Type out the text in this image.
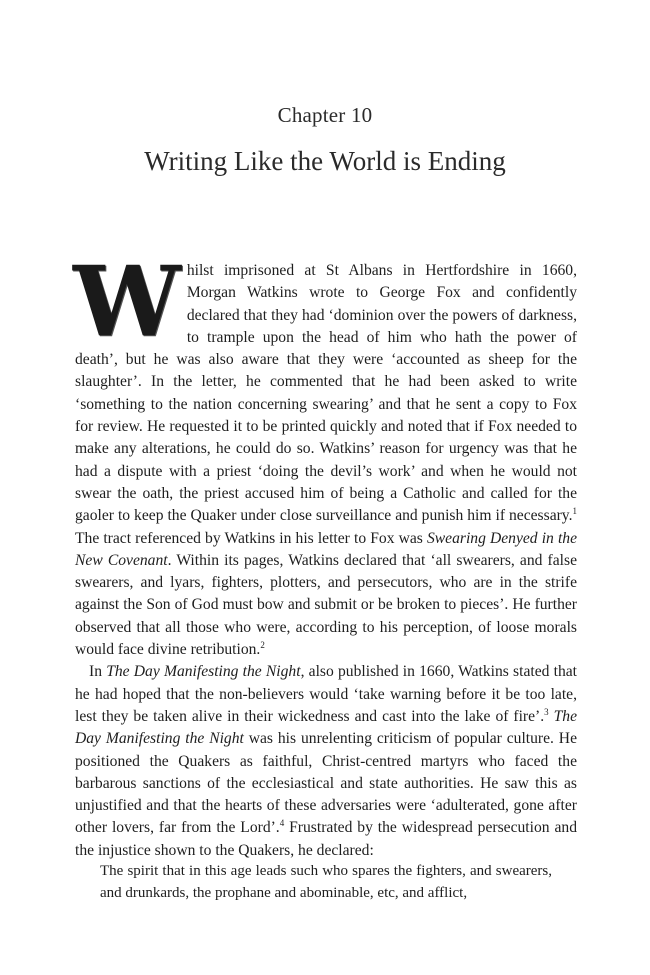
Chapter 10
Writing Like the World is Ending

Whilst imprisoned at St Albans in Hertfordshire in 1660, Morgan Watkins wrote to George Fox and confidently declared that they had ‘dominion over the powers of darkness, to trample upon the head of him who hath the power of death’, but he was also aware that they were ‘accounted as sheep for the slaughter’. In the letter, he commented that he had been asked to write ‘something to the nation concerning swearing’ and that he sent a copy to Fox for review. He requested it to be printed quickly and noted that if Fox needed to make any alterations, he could do so. Watkins’ reason for urgency was that he had a dispute with a priest ‘doing the devil’s work’ and when he would not swear the oath, the priest accused him of being a Catholic and called for the gaoler to keep the Quaker under close surveillance and punish him if necessary.$^1$ The tract referenced by Watkins in his letter to Fox was Swearing Denyed in the New Covenant. Within its pages, Watkins declared that ‘all swearers, and false swearers, and lyars, fighters, plotters, and persecutors, who are in the strife against the Son of God must bow and submit or be broken to pieces’. He further observed that all those who were, according to his perception, of loose morals would face divine retribution.$^2$

In The Day Manifesting the Night, also published in 1660, Watkins stated that he had hoped that the non-believers would ‘take warning before it be too late, lest they be taken alive in their wickedness and cast into the lake of fire’.$^3$ The Day Manifesting the Night was his unrelenting criticism of popular culture. He positioned the Quakers as faithful, Christ-centred martyrs who faced the barbarous sanctions of the ecclesiastical and state authorities. He saw this as unjustified and that the hearts of these adversaries were ‘adulterated, gone after other lovers, far from the Lord’.$^4$ Frustrated by the widespread persecution and the injustice shown to the Quakers, he declared:

The spirit that in this age leads such who spares the fighters, and swearers, and drunkards, the prophane and abominable, etc, and afflict,
